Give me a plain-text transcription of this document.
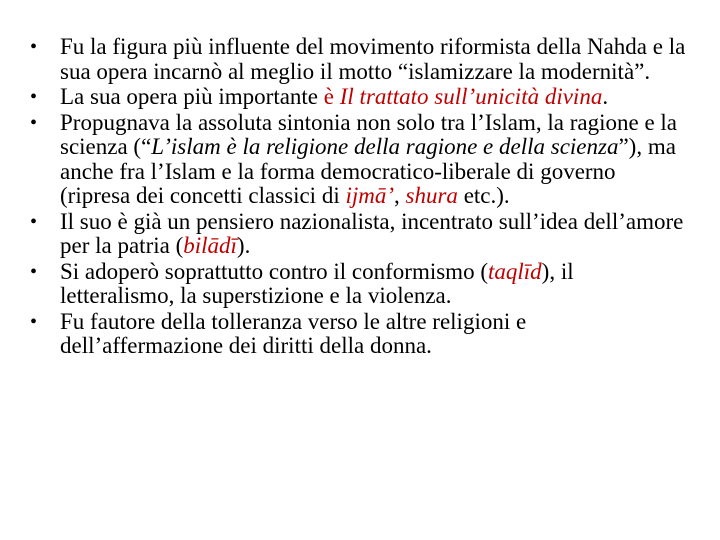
• Fu la figura più influente del movimento riformista della Nahda e la sua opera incarnò al meglio il motto “islamizzare la modernità”.
• La sua opera più importante è Il trattato sull’unicità divina.
• Propugnava la assoluta sintonia non solo tra l’Islam, la ragione e la scienza (“L’islam è la religione della ragione e della scienza”), ma anche fra l’Islam e la forma democratico-liberale di governo (ripresa dei concetti classici di ijmā’, shura etc.).
• Il suo è già un pensiero nazionalista, incentrato sull’idea dell’amore per la patria (bilādī).
• Si adoperò soprattutto contro il conformismo (taqlīd), il letteralismo, la superstizione e la violenza.
• Fu fautore della tolleranza verso le altre religioni e dell’affermazione dei diritti della donna.
